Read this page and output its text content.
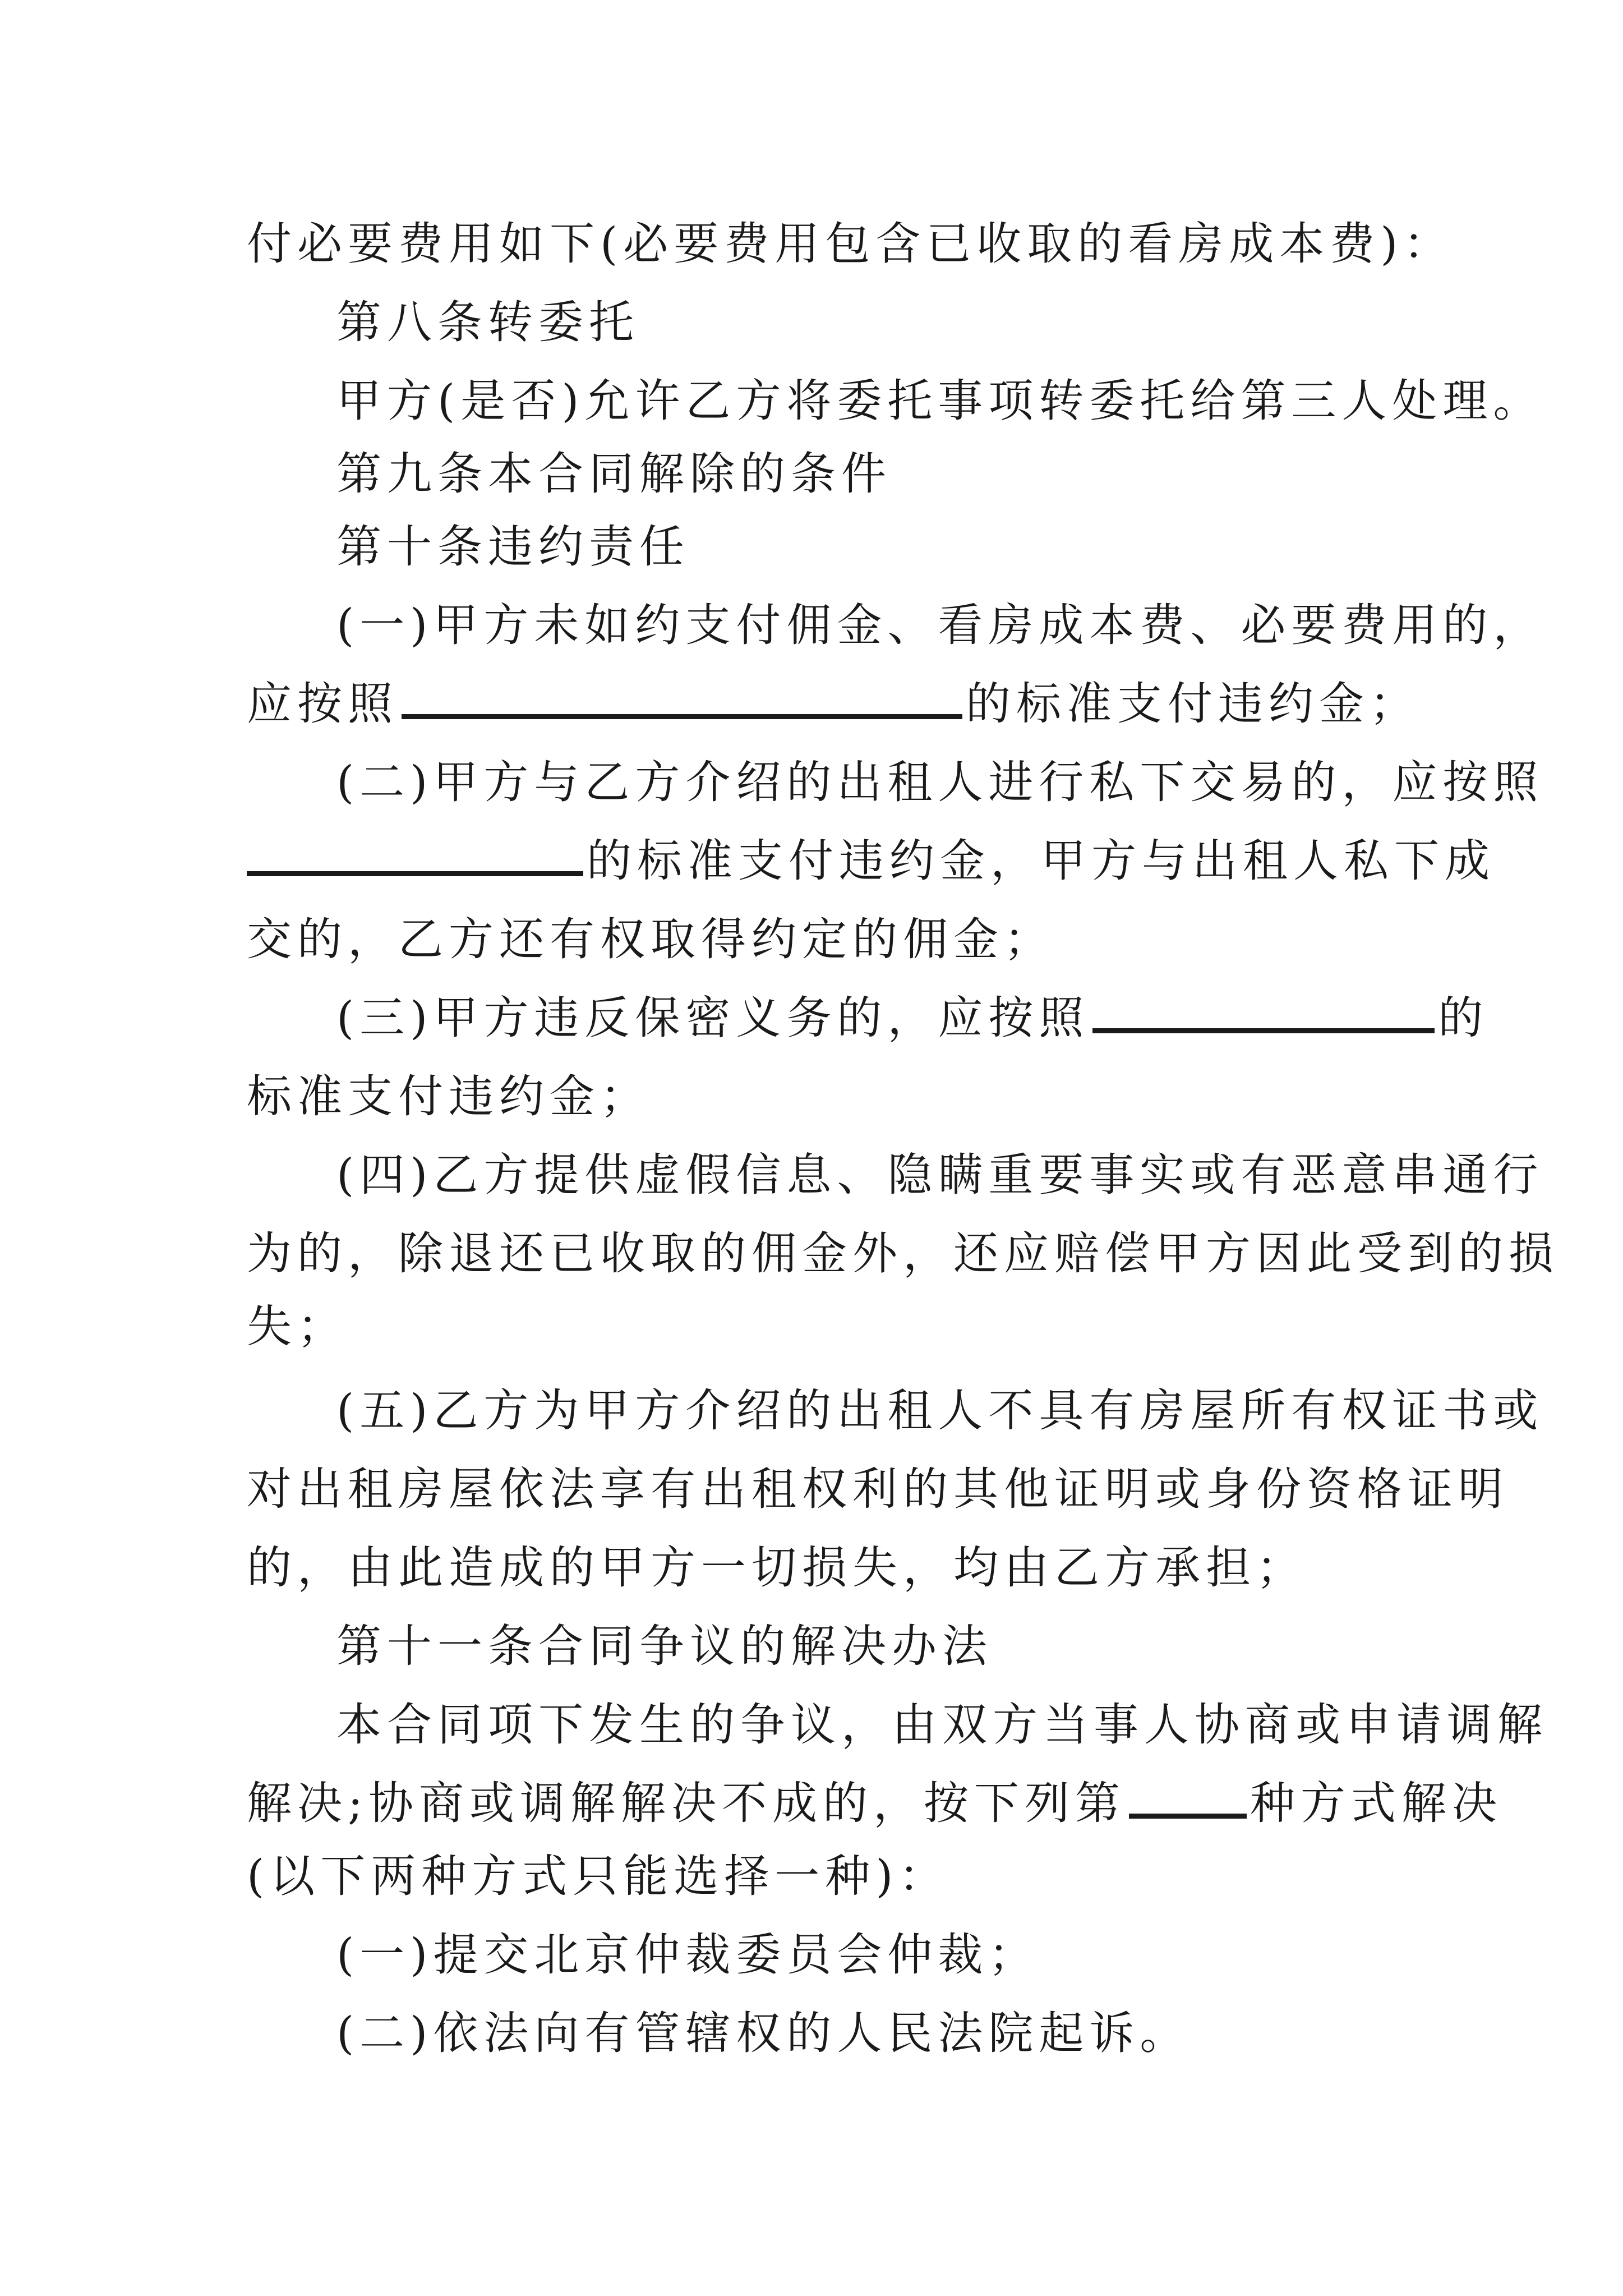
付必要费用如下(必要费用包含已收取的看房成本费)：
第八条转委托
甲方(是否)允许乙方将委托事项转委托给第三人处理。
第九条本合同解除的条件
第十条违约责任
(一)甲方未如约支付佣金、看房成本费、必要费用的，
应按照	的标准支付违约金；
(二)甲方与乙方介绍的出租人进行私下交易的，应按照
的标准支付违约金，甲方与出租人私下成
交的，乙方还有权取得约定的佣金；
(三)甲方违反保密义务的，应按照	的
标准支付违约金；
(四)乙方提供虚假信息、隐瞒重要事实或有恶意串通行
为的，除退还已收取的佣金外，还应赔偿甲方因此受到的损
失；
(五)乙方为甲方介绍的出租人不具有房屋所有权证书或
对出租房屋依法享有出租权利的其他证明或身份资格证明
的，由此造成的甲方一切损失，均由乙方承担；
第十一条合同争议的解决办法
本合同项下发生的争议，由双方当事人协商或申请调解
解决;协商或调解解决不成的，按下列第	种方式解决
(以下两种方式只能选择一种)：
(一)提交北京仲裁委员会仲裁；
(二)依法向有管辖权的人民法院起诉。
